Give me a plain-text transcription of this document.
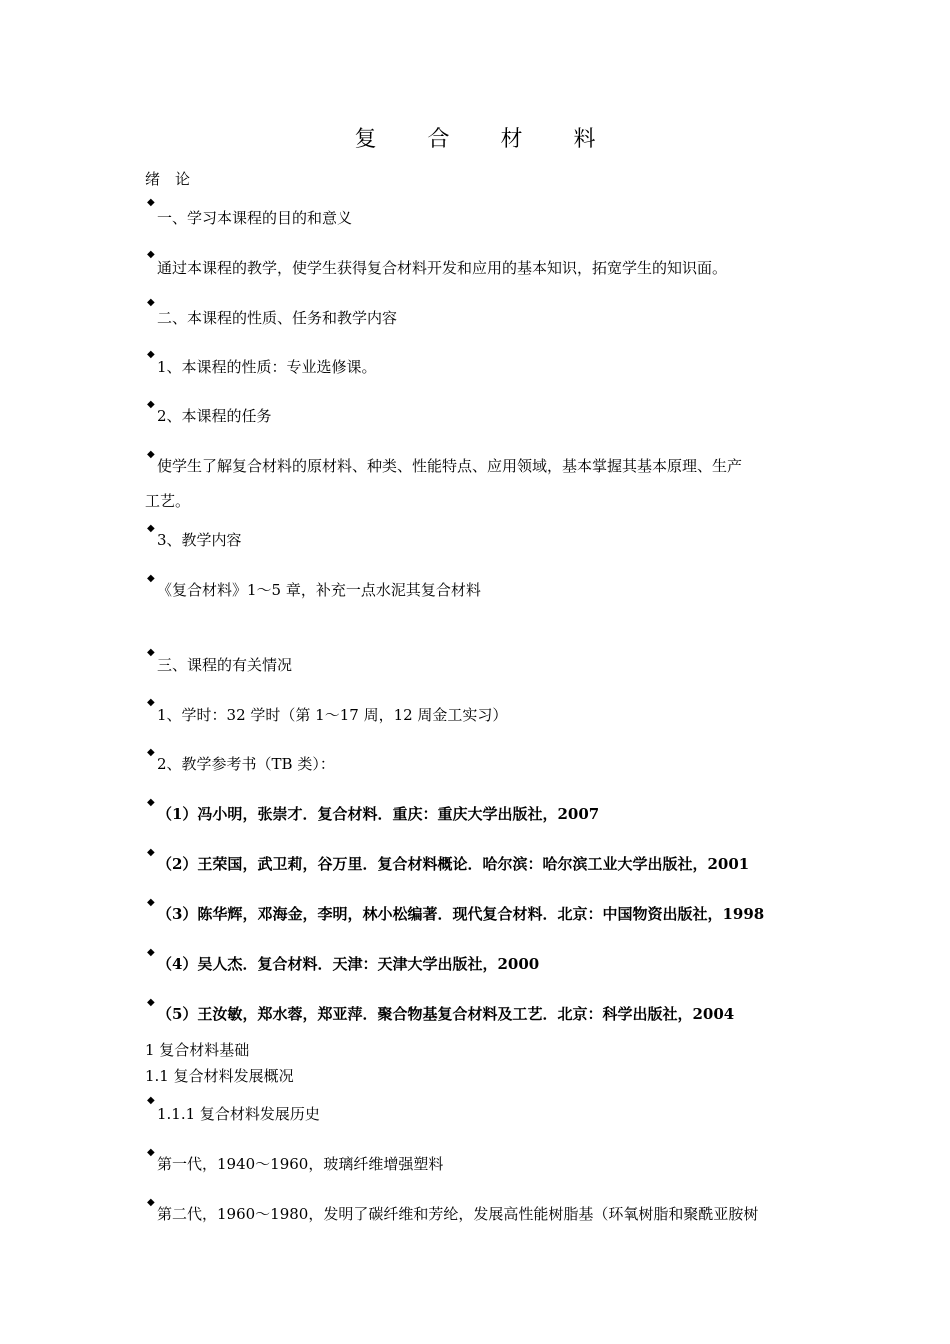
复 合 材 料
绪　论
◆
一、学习本课程的目的和意义
◆
通过本课程的教学，使学生获得复合材料开发和应用的基本知识，拓宽学生的知识面。
◆
二、本课程的性质、任务和教学内容
◆
1、本课程的性质：专业选修课。
◆
2、本课程的任务
◆
使学生了解复合材料的原材料、种类、性能特点、应用领域，基本掌握其基本原理、生产
工艺。
◆
3、教学内容
◆
《复合材料》1～5 章，补充一点水泥其复合材料
◆
三、课程的有关情况
◆
1、学时：32 学时（第 1～17 周，12 周金工实习）
◆
2、教学参考书（TB 类）：
◆
（1）冯小明，张崇才．复合材料．重庆：重庆大学出版社，2007
◆
（2）王荣国，武卫莉，谷万里．复合材料概论．哈尔滨：哈尔滨工业大学出版社，2001
◆
（3）陈华辉，邓海金，李明，林小松编著．现代复合材料．北京：中国物资出版社，1998
◆
（4）吴人杰．复合材料．天津：天津大学出版社，2000
◆
（5）王汝敏，郑水蓉，郑亚萍．聚合物基复合材料及工艺．北京：科学出版社，2004
1 复合材料基础
1.1 复合材料发展概况
◆
1.1.1 复合材料发展历史
◆
第一代，1940～1960，玻璃纤维增强塑料
◆
第二代，1960～1980，发明了碳纤维和芳纶，发展高性能树脂基（环氧树脂和聚酰亚胺树
